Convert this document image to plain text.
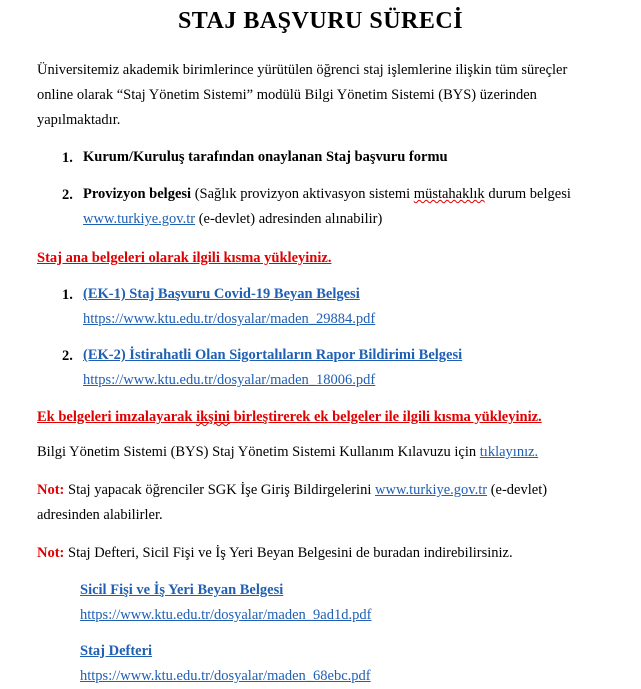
STAJ BAŞVURU SÜRECİ
Üniversitemiz akademik birimlerince yürütülen öğrenci staj işlemlerine ilişkin tüm süreçler online olarak “Staj Yönetim Sistemi” modülü Bilgi Yönetim Sistemi (BYS) üzerinden yapılmaktadır.
1. Kurum/Kuruluş tarafından onaylanan Staj başvuru formu
2. Provizyon belgesi (Sağlık provizyon aktivasyon sistemi müstahaklık durum belgesi
www.turkiye.gov.tr (e-devlet) adresinden alınabilir)
Staj ana belgeleri olarak ilgili kısma yükleyiniz.
1. (EK-1) Staj Başvuru Covid-19 Beyan Belgesi
https://www.ktu.edu.tr/dosyalar/maden_29884.pdf
2. (EK-2) İstirahatli Olan Sigortalıların Rapor Bildirimi Belgesi
https://www.ktu.edu.tr/dosyalar/maden_18006.pdf
Ek belgeleri imzalayarak ikşini birleştirerek ek belgeler ile ilgili kısma yükleyiniz.
Bilgi Yönetim Sistemi (BYS) Staj Yönetim Sistemi Kullanım Kılavuzu için tıklayınız.
Not: Staj yapacak öğrenciler SGK İşe Giriş Bildirgelerini www.turkiye.gov.tr (e-devlet) adresinden alabilirler.
Not: Staj Defteri, Sicil Fişi ve İş Yeri Beyan Belgesini de buradan indirebilirsiniz.
Sicil Fişi ve İş Yeri Beyan Belgesi
https://www.ktu.edu.tr/dosyalar/maden_9ad1d.pdf
Staj Defteri
https://www.ktu.edu.tr/dosyalar/maden_68ebc.pdf
